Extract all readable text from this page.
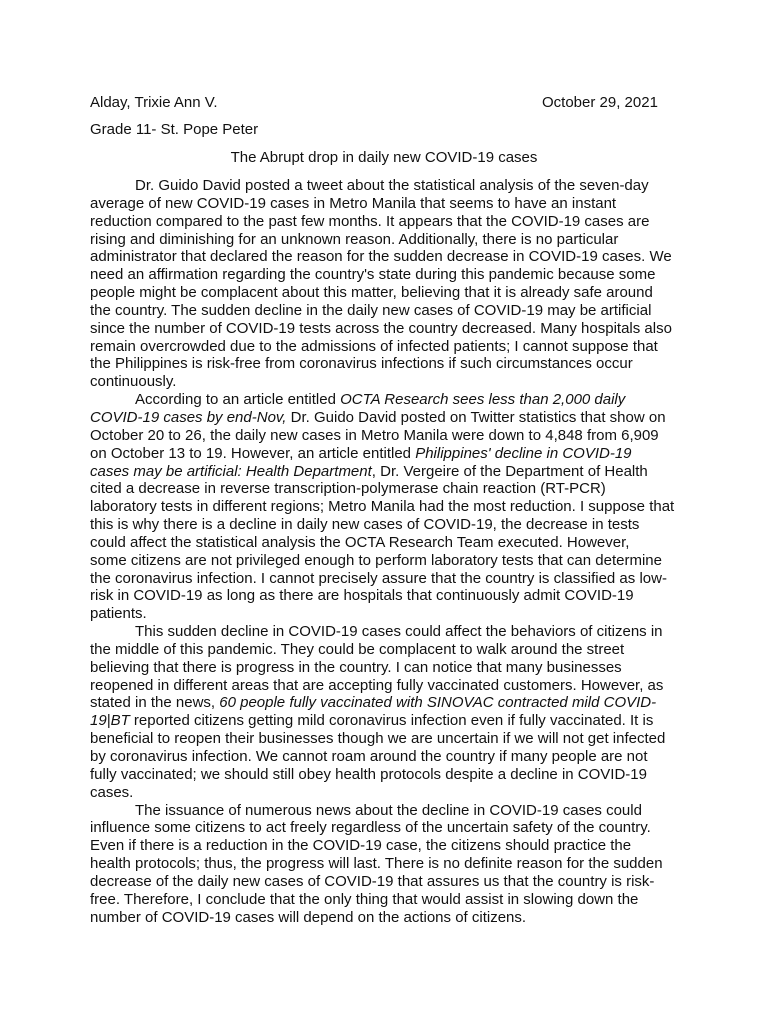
Alday, Trixie Ann V.	October 29, 2021
Grade 11- St. Pope Peter
The Abrupt drop in daily new COVID-19 cases
Dr. Guido David posted a tweet about the statistical analysis of the seven-day
average of new COVID-19 cases in Metro Manila that seems to have an instant
reduction compared to the past few months. It appears that the COVID-19 cases are
rising and diminishing for an unknown reason. Additionally, there is no particular
administrator that declared the reason for the sudden decrease in COVID-19 cases. We
need an affirmation regarding the country's state during this pandemic because some
people might be complacent about this matter, believing that it is already safe around
the country. The sudden decline in the daily new cases of COVID-19 may be artificial
since the number of COVID-19 tests across the country decreased. Many hospitals also
remain overcrowded due to the admissions of infected patients; I cannot suppose that
the Philippines is risk-free from coronavirus infections if such circumstances occur
continuously.
According to an article entitled OCTA Research sees less than 2,000 daily
COVID-19 cases by end-Nov, Dr. Guido David posted on Twitter statistics that show on
October 20 to 26, the daily new cases in Metro Manila were down to 4,848 from 6,909
on October 13 to 19. However, an article entitled Philippines' decline in COVID-19
cases may be artificial: Health Department, Dr. Vergeire of the Department of Health
cited a decrease in reverse transcription-polymerase chain reaction (RT-PCR)
laboratory tests in different regions; Metro Manila had the most reduction. I suppose that
this is why there is a decline in daily new cases of COVID-19, the decrease in tests
could affect the statistical analysis the OCTA Research Team executed. However,
some citizens are not privileged enough to perform laboratory tests that can determine
the coronavirus infection. I cannot precisely assure that the country is classified as low-
risk in COVID-19 as long as there are hospitals that continuously admit COVID-19
patients.
This sudden decline in COVID-19 cases could affect the behaviors of citizens in
the middle of this pandemic. They could be complacent to walk around the street
believing that there is progress in the country. I can notice that many businesses
reopened in different areas that are accepting fully vaccinated customers. However, as
stated in the news, 60 people fully vaccinated with SINOVAC contracted mild COVID-
19|BT reported citizens getting mild coronavirus infection even if fully vaccinated. It is
beneficial to reopen their businesses though we are uncertain if we will not get infected
by coronavirus infection. We cannot roam around the country if many people are not
fully vaccinated; we should still obey health protocols despite a decline in COVID-19
cases.
The issuance of numerous news about the decline in COVID-19 cases could
influence some citizens to act freely regardless of the uncertain safety of the country.
Even if there is a reduction in the COVID-19 case, the citizens should practice the
health protocols; thus, the progress will last. There is no definite reason for the sudden
decrease of the daily new cases of COVID-19 that assures us that the country is risk-
free. Therefore, I conclude that the only thing that would assist in slowing down the
number of COVID-19 cases will depend on the actions of citizens.
